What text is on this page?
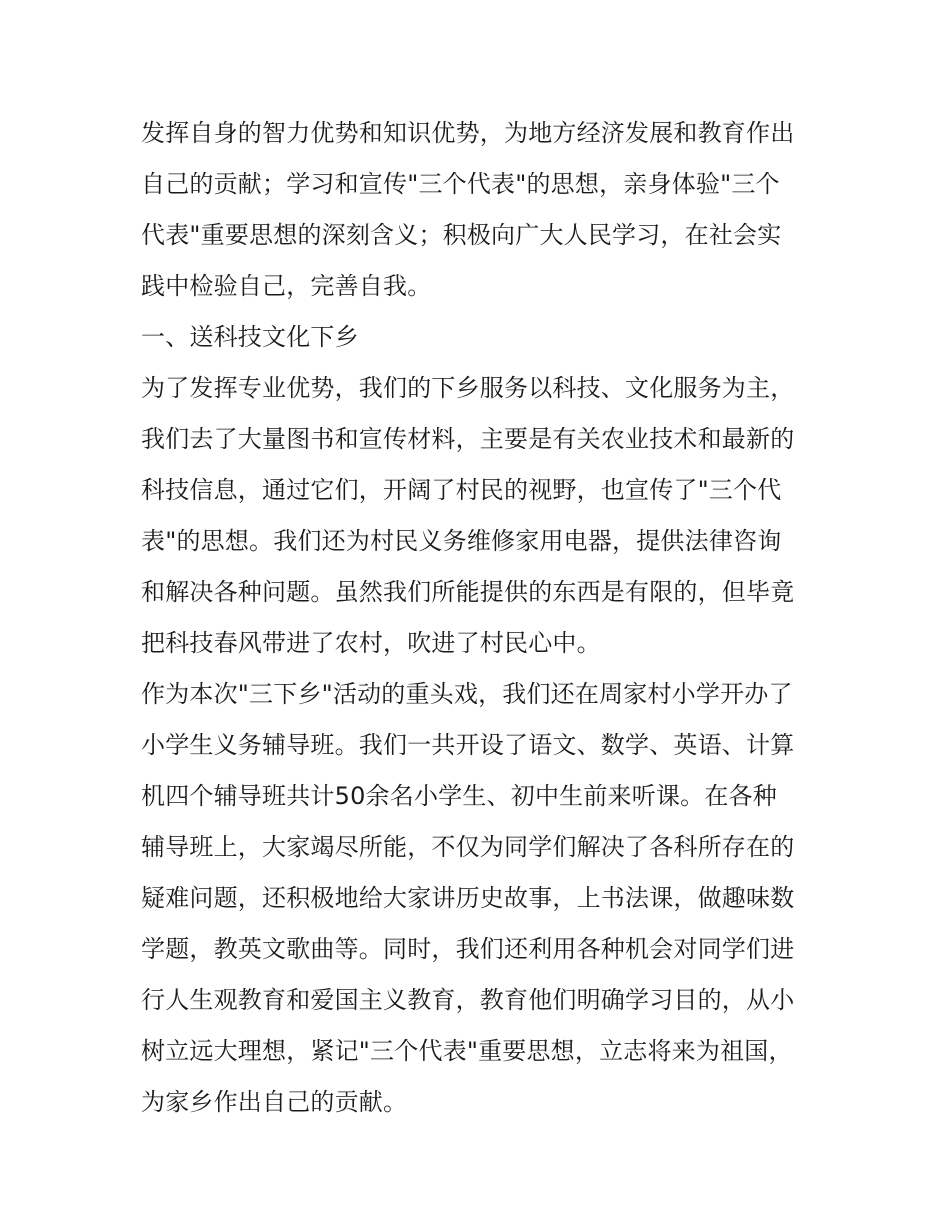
发挥自身的智力优势和知识优势，为地方经济发展和教育作出
自己的贡献；学习和宣传"三个代表"的思想，亲身体验"三个
代表"重要思想的深刻含义；积极向广大人民学习，在社会实
践中检验自己，完善自我。
一、送科技文化下乡
为了发挥专业优势，我们的下乡服务以科技、文化服务为主，
我们去了大量图书和宣传材料，主要是有关农业技术和最新的
科技信息，通过它们，开阔了村民的视野，也宣传了"三个代
表"的思想。我们还为村民义务维修家用电器，提供法律咨询
和解决各种问题。虽然我们所能提供的东西是有限的，但毕竟
把科技春风带进了农村，吹进了村民心中。
作为本次"三下乡"活动的重头戏，我们还在周家村小学开办了
小学生义务辅导班。我们一共开设了语文、数学、英语、计算
机四个辅导班共计50余名小学生、初中生前来听课。在各种
辅导班上，大家竭尽所能，不仅为同学们解决了各科所存在的
疑难问题，还积极地给大家讲历史故事，上书法课，做趣味数
学题，教英文歌曲等。同时，我们还利用各种机会对同学们进
行人生观教育和爱国主义教育，教育他们明确学习目的，从小
树立远大理想，紧记"三个代表"重要思想，立志将来为祖国，
为家乡作出自己的贡献。
